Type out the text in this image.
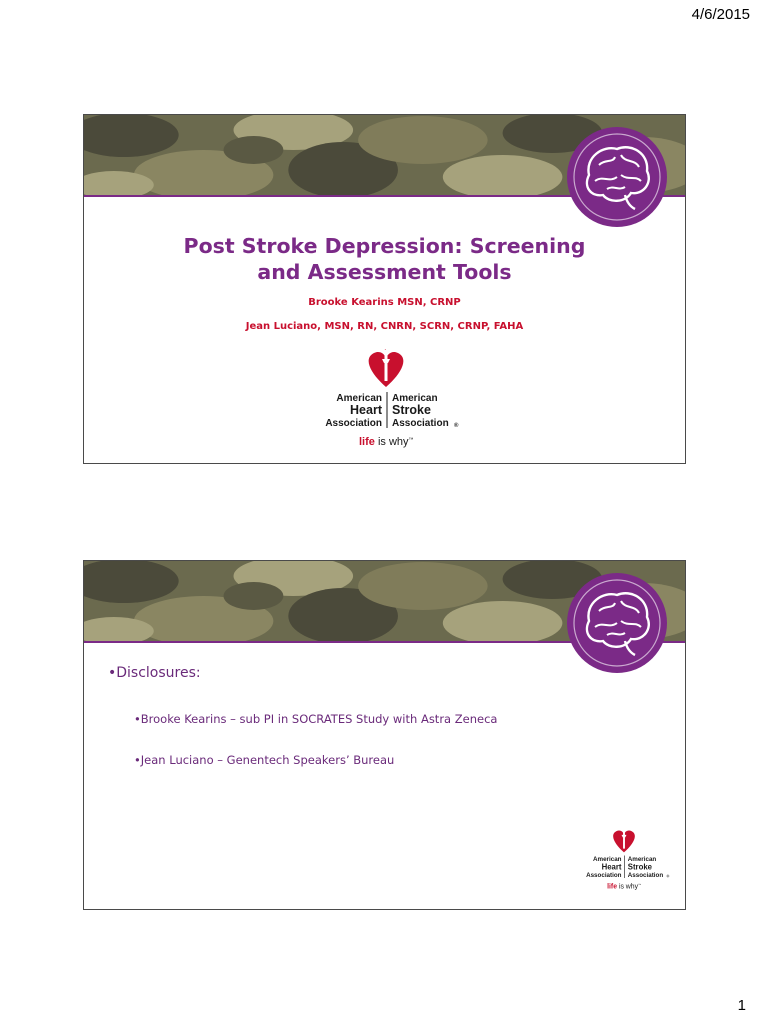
4/6/2015
Post Stroke Depression: Screening
and Assessment Tools
Brooke Kearins MSN, CRNP
Jean Luciano, MSN, RN, CNRN, SCRN, CRNP, FAHA
American
Heart
Association
American
Stroke
Association ®
life is why™
•Disclosures:
•Brooke Kearins – sub PI in SOCRATES Study with Astra Zeneca
•Jean Luciano – Genentech Speakers’ Bureau
American
Heart
Association
American
Stroke
Association ®
life is why™
1
